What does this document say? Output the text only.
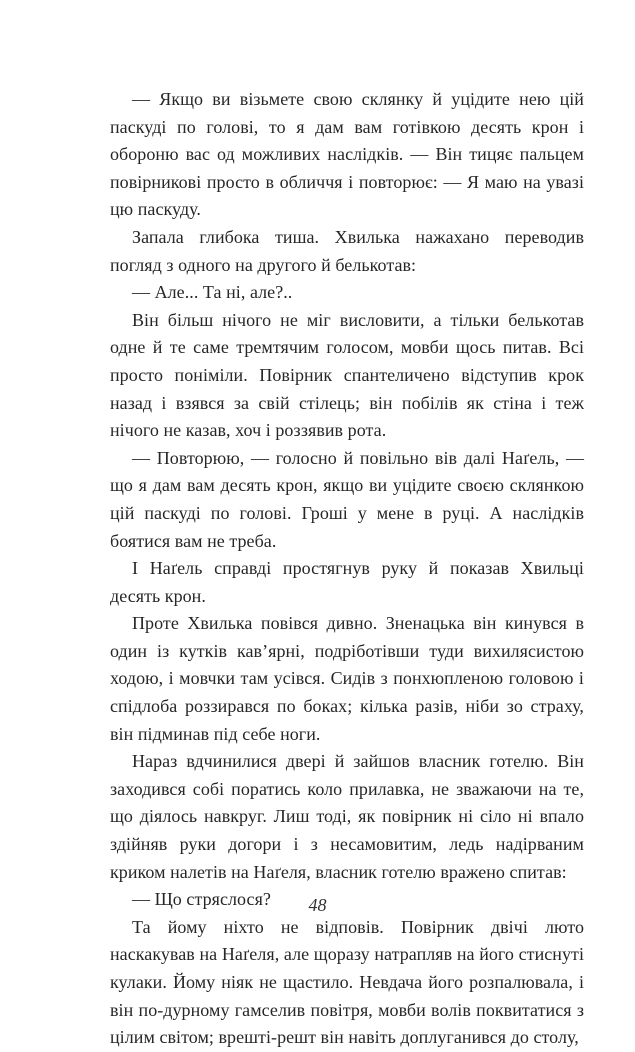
— Якщо ви візьмете свою склянку й уцідите нею цій паскуді по голові, то я дам вам готівкою десять крон і обороню вас од можливих наслідків. — Він тицяє пальцем повірникові просто в обличчя і повторює: — Я маю на увазі цю паскуду.

Запала глибока тиша. Хвилька нажахано переводив погляд з одного на другого й белькотав:

— Але... Та ні, але?..

Він більш нічого не міг висловити, а тільки белькотав одне й те саме тремтячим голосом, мовби щось питав. Всі просто поніміли. Повірник спантеличено відступив крок назад і взявся за свій стілець; він побілів як стіна і теж нічого не казав, хоч і роззявив рота.

— Повторюю, — голосно й повільно вів далі Наґель, — що я дам вам десять крон, якщо ви уцідите своєю склянкою цій паскуді по голові. Гроші у мене в руці. А наслідків боятися вам не треба.

І Наґель справді простягнув руку й показав Хвильці десять крон.

Проте Хвилька повівся дивно. Зненацька він кинувся в один із кутків кав’ярні, подріботівши туди вихилясистою ходою, і мовчки там усівся. Сидів з понхюпленою головою і спідлоба роззирався по боках; кілька разів, ніби зо страху, він підминав під себе ноги.

Нараз вдчинилися двері й зайшов власник готелю. Він заходився собі поратись коло прилавка, не зважаючи на те, що діялось навкруг. Лиш тоді, як повірник ні сіло ні впало здійняв руки догори і з несамовитим, ледь надірваним криком налетів на Наґеля, власник готелю вражено спитав:

— Що стряслося?

Та йому ніхто не відповів. Повірник двічі люто наскакував на Наґеля, але щоразу натрапляв на його стиснуті кулаки. Йому ніяк не щастило. Невдача його розпалювала, і він по-дурному гамселив повітря, мовби волів поквитатися з цілим світом; врешті-решт він навіть доплуганився до столу,

48
